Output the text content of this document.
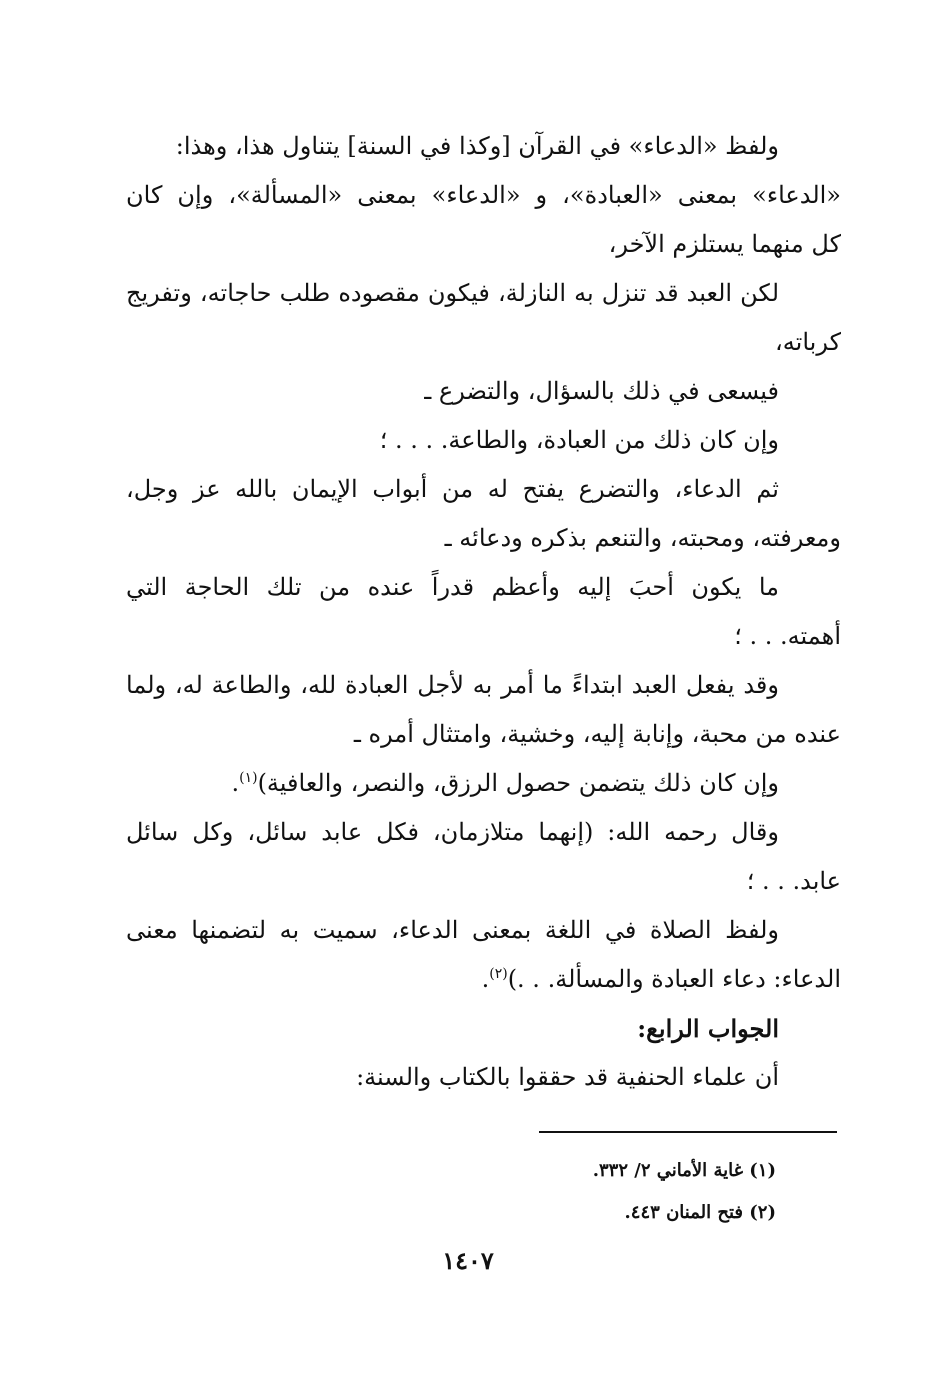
ولفظ «الدعاء» في القرآن [وكذا في السنة] يتناول هذا، وهذا:
«الدعاء» بمعنى «العبادة»، و «الدعاء» بمعنى «المسألة»، وإن كان
كل منهما يستلزم الآخر،
لكن العبد قد تنزل به النازلة، فيكون مقصوده طلب حاجاته، وتفريج
كرباته،
فيسعى في ذلك بالسؤال، والتضرع ـ
وإن كان ذلك من العبادة، والطاعة. . . . ؛
ثم الدعاء، والتضرع يفتح له من أبواب الإيمان بالله عز وجل،
ومعرفته، ومحبته، والتنعم بذكره ودعائه ـ
ما يكون أحبَ إليه وأعظم قدراً عنده من تلك الحاجة التي
أهمته. . . ؛
وقد يفعل العبد ابتداءً ما أمر به لأجل العبادة لله، والطاعة له، ولما
عنده من محبة، وإنابة إليه، وخشية، وامتثال أمره ـ
وإن كان ذلك يتضمن حصول الرزق، والنصر، والعافية)$^{(١)}$.
وقال رحمه الله: (إنهما متلازمان، فكل عابد سائل، وكل سائل
عابد. . . ؛
ولفظ الصلاة في اللغة بمعنى الدعاء، سميت به لتضمنها معنى
الدعاء: دعاء العبادة والمسألة. . .)$^{(٢)}$.
الجواب الرابع:
أن علماء الحنفية قد حققوا بالكتاب والسنة:
(١) غاية الأماني ٢/ ٣٣٢.
(٢) فتح المنان ٤٤٣.
١٤٠٧
